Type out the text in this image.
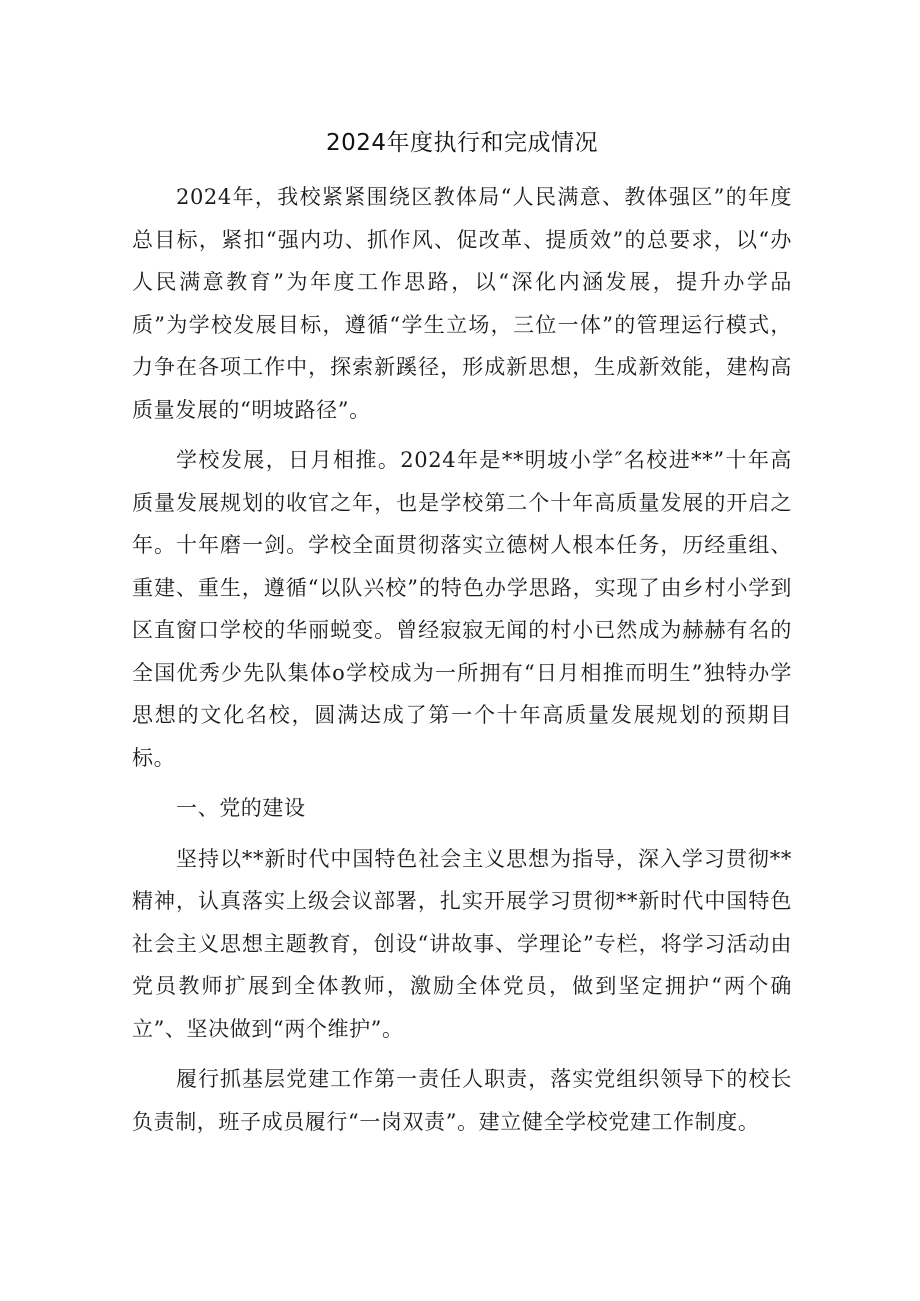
2024年度执行和完成情况

2024年，我校紧紧围绕区教体局“人民满意、教体强区”的年度总目标，紧扣“强内功、抓作风、促改革、提质效”的总要求，以“办人民满意教育”为年度工作思路，以“深化内涵发展，提升办学品质”为学校发展目标，遵循“学生立场，三位一体”的管理运行模式，力争在各项工作中，探索新蹊径，形成新思想，生成新效能，建构高质量发展的“明坡路径”。

学校发展，日月相推。2024年是**明坡小学″名校进**”十年高质量发展规划的收官之年，也是学校第二个十年高质量发展的开启之年。十年磨一剑。学校全面贯彻落实立德树人根本任务，历经重组、重建、重生，遵循“以队兴校”的特色办学思路，实现了由乡村小学到区直窗口学校的华丽蜕变。曾经寂寂无闻的村小已然成为赫赫有名的全国优秀少先队集体o学校成为一所拥有“日月相推而明生”独特办学思想的文化名校，圆满达成了第一个十年高质量发展规划的预期目标。

一、党的建设

坚持以**新时代中国特色社会主义思想为指导，深入学习贯彻**精神，认真落实上级会议部署，扎实开展学习贯彻**新时代中国特色社会主义思想主题教育，创设“讲故事、学理论”专栏，将学习活动由党员教师扩展到全体教师，激励全体党员，做到坚定拥护“两个确立”、坚决做到“两个维护”。

履行抓基层党建工作第一责任人职责，落实党组织领导下的校长负责制，班子成员履行“一岗双责”。建立健全学校党建工作制度。
